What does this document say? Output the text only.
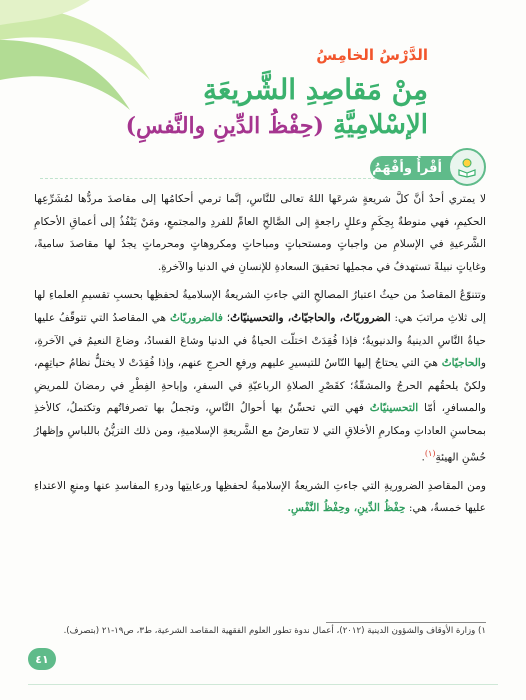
الدَّرْسُ الخامِسُ
مِنْ مَقاصِدِ الشَّريعَةِ
الإسْلامِيَّةِ (حِفْظُ الدِّينِ والنَّفسِ)
أقْرأُ وأفْهَمُ

لا يمتري أحدٌ أنَّ كلَّ شريعةٍ شرعَها اللهُ تعالى للنَّاسِ، إنَّما ترمي أحكامُها إلى مقاصدَ مردُّها لمُشَرِّعِها الحكيمِ، فهي منوطةٌ بِحِكَمٍ وعللٍ راجعةٍ إلى الصَّالحِ العامِّ للفردِ والمجتمعِ، ومَنْ يَنْفُذُ إلى أعماقِ الأحكامِ الشَّرعيةِ في الإسلامِ من واجباتٍ ومستحباتٍ ومباحاتٍ ومكروهاتٍ ومحرماتٍ يجدُ لها مقاصدَ ساميةً، وغاياتٍ نبيلةً تستهدفُ في مجملِها تحقيقَ السعادةِ للإنسانِ في الدنيا والآخرةِ.

وتتنوّعُ المقاصدُ من حيثُ اعتبارُ المصالحِ التي جاءتِ الشريعةُ الإسلاميةُ لحفظِها بحسبِ تقسيمِ العلماءِ لها إلى ثلاثِ مراتبَ هي: الضروريّاتُ، والحاجيّاتُ، والتحسينيّاتُ؛ فالضروريّاتُ هي المقاصدُ التي تتوقّفُ عليها حياةُ النَّاسِ الدينيةُ والدنيويةُ؛ فإذا فُقِدَتْ اختلّت الحياةُ في الدنيا وشاعَ الفسادُ، وضاعَ النعيمُ في الآخرةِ، والحاجيّاتُ هيَ التي يحتاجُ إليها النّاسُ للتيسيرِ عليهم ورفعِ الحرجِ عنهم، وإذا فُقِدَتْ لا يختلُّ نظامُ حياتِهِم، ولكنْ يلحقُهم الحرجُ والمشقّةُ؛ كقَصْرِ الصلاةِ الرباعيّةِ في السفرِ، وإباحةِ الفِطْرِ في رمضانَ للمريضِ والمسافرِ، أمّا التحسينيّاتُ فهي التي تحسِّنُ بها أحوالُ النَّاسِ، وتجملُ بها تصرفاتُهم وتكتملُ، كالأخذِ بمحاسنِ العاداتِ ومكارمِ الأخلاقِ التي لا تتعارضُ مع الشَّريعةِ الإسلاميةِ، ومن ذلك التزيُّنُ باللباسِ وإظهارُ حُسْنِ الهيئةِ$^{(١)}$.

ومن المقاصدِ الضروريةِ التي جاءتِ الشريعةُ الإسلاميةُ لحفظِها ورعايتِها ودرءِ المفاسدِ عنها ومنعِ الاعتداءِ عليها خمسةٌ، هي: حِفْظُ الدِّينِ، وحِفْظُ النَّفْسِ.

١) وزارة الأوقاف والشؤون الدينية (٢٠١٢)، أعمال ندوة تطور العلوم الفقهية المقاصد الشرعية، ط٣، ص١٩-٢١ (بتصرف).
٤١
